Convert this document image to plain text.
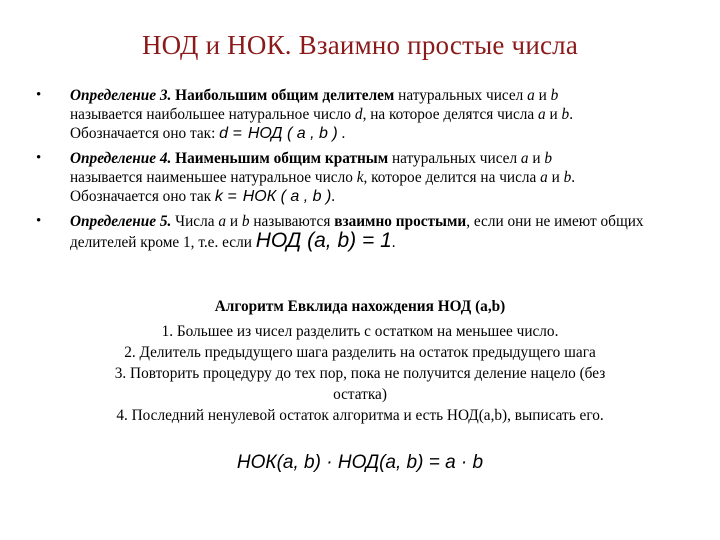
НОД и НОК. Взаимно простые числа
• Определение 3. Наибольшим общим делителем натуральных чисел a и b
называется наибольшее натуральное число d, на которое делятся числа a и b.
Обозначается оно так: d = НОД ( a , b ) .
• Определение 4. Наименьшим общим кратным натуральных чисел a и b
называется наименьшее натуральное число k, которое делится на числа a и b.
Обозначается оно так k = НОК ( a , b ).
• Определение 5. Числа a и b называются взаимно простыми, если они не имеют общих делителей кроме 1, т.е. если НОД (a, b) = 1.
Алгоритм Евклида нахождения НОД (a,b)
1. Большее из чисел разделить с остатком на меньшее число.
2. Делитель предыдущего шага разделить на остаток предыдущего шага
3. Повторить процедуру до тех пор, пока не получится деление нацело (без
остатка)
4. Последний ненулевой остаток алгоритма и есть НОД(a,b), выписать его.
НОК(a, b) · НОД(a, b) = a · b
